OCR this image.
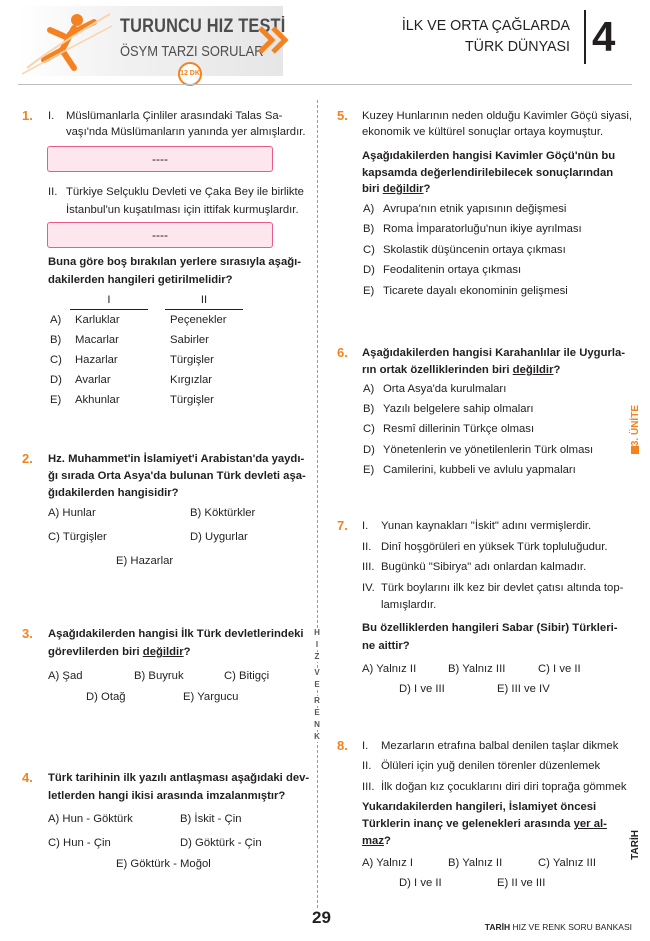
TURUNCU HIZ TESTİ
ÖSYM TARZI SORULAR
12 DK
İLK VE ORTA ÇAĞLARDA
TÜRK DÜNYASI 4
H
I
Z
V
E
R
E
N
K
1. I. Müslümanlarla Çinliler arasındaki Talas Sa-
vaşı'nda Müslümanların yanında yer almışlardır.
----
II. Türkiye Selçuklu Devleti ve Çaka Bey ile birlikte
İstanbul'un kuşatılması için ittifak kurmuşlardır.
----
Buna göre boş bırakılan yerlere sırasıyla aşağı-
dakilerden hangileri getirilmelidir?
I	II
A) Karluklar	Peçenekler
B) Macarlar	Sabirler
C) Hazarlar	Türgişler
D) Avarlar	Kırgızlar
E) Akhunlar	Türgişler
2. Hz. Muhammet'in İslamiyet'i Arabistan'da yaydı-
ğı sırada Orta Asya'da bulunan Türk devleti aşa-
ğıdakilerden hangisidir?
A) Hunlar	B) Köktürkler
C) Türgişler	D) Uygurlar
E) Hazarlar
3. Aşağıdakilerden hangisi İlk Türk devletlerindeki
görevlilerden biri değildir?
A) Şad	B) Buyruk	C) Bitigçi
D) Otağ	E) Yargucu
4. Türk tarihinin ilk yazılı antlaşması aşağıdaki dev-
letlerden hangi ikisi arasında imzalanmıştır?
A) Hun - Göktürk	B) İskit - Çin
C) Hun - Çin	D) Göktürk - Çin
E) Göktürk - Moğol
5. Kuzey Hunlarının neden olduğu Kavimler Göçü siyasi,
ekonomik ve kültürel sonuçlar ortaya koymuştur.
Aşağıdakilerden hangisi Kavimler Göçü'nün bu
kapsamda değerlendirilebilecek sonuçlarından
biri değildir?
A) Avrupa'nın etnik yapısının değişmesi
B) Roma İmparatorluğu'nun ikiye ayrılması
C) Skolastik düşüncenin ortaya çıkması
D) Feodalitenin ortaya çıkması
E) Ticarete dayalı ekonominin gelişmesi
6. Aşağıdakilerden hangisi Karahanlılar ile Uygurla-
rın ortak özelliklerinden biri değildir?
A) Orta Asya'da kurulmaları
B) Yazılı belgelere sahip olmaları
C) Resmî dillerinin Türkçe olması
D) Yönetenlerin ve yönetilenlerin Türk olması
E) Camilerini, kubbeli ve avlulu yapmaları
7. I. Yunan kaynakları "İskit" adını vermişlerdir.
II. Dinî hoşgörüleri en yüksek Türk topluluğudur.
III. Bugünkü "Sibirya" adı onlardan kalmadır.
IV. Türk boylarını ilk kez bir devlet çatısı altında top-
lamışlardır.
Bu özelliklerden hangileri Sabar (Sibir) Türkleri-
ne aittir?
A) Yalnız II	B) Yalnız III	C) I ve II
D) I ve III	E) III ve IV
8. I. Mezarların etrafına balbal denilen taşlar dikmek
II. Ölüleri için yuğ denilen törenler düzenlemek
III. İlk doğan kız çocuklarını diri diri toprağa gömmek
Yukarıdakilerden hangileri, İslamiyet öncesi
Türklerin inanç ve gelenekleri arasında yer al-
maz?
A) Yalnız I	B) Yalnız II	C) Yalnız III
D) I ve II	E) II ve III
3. ÜNİTE
TARİH
29	TARİH HIZ VE RENK SORU BANKASI
